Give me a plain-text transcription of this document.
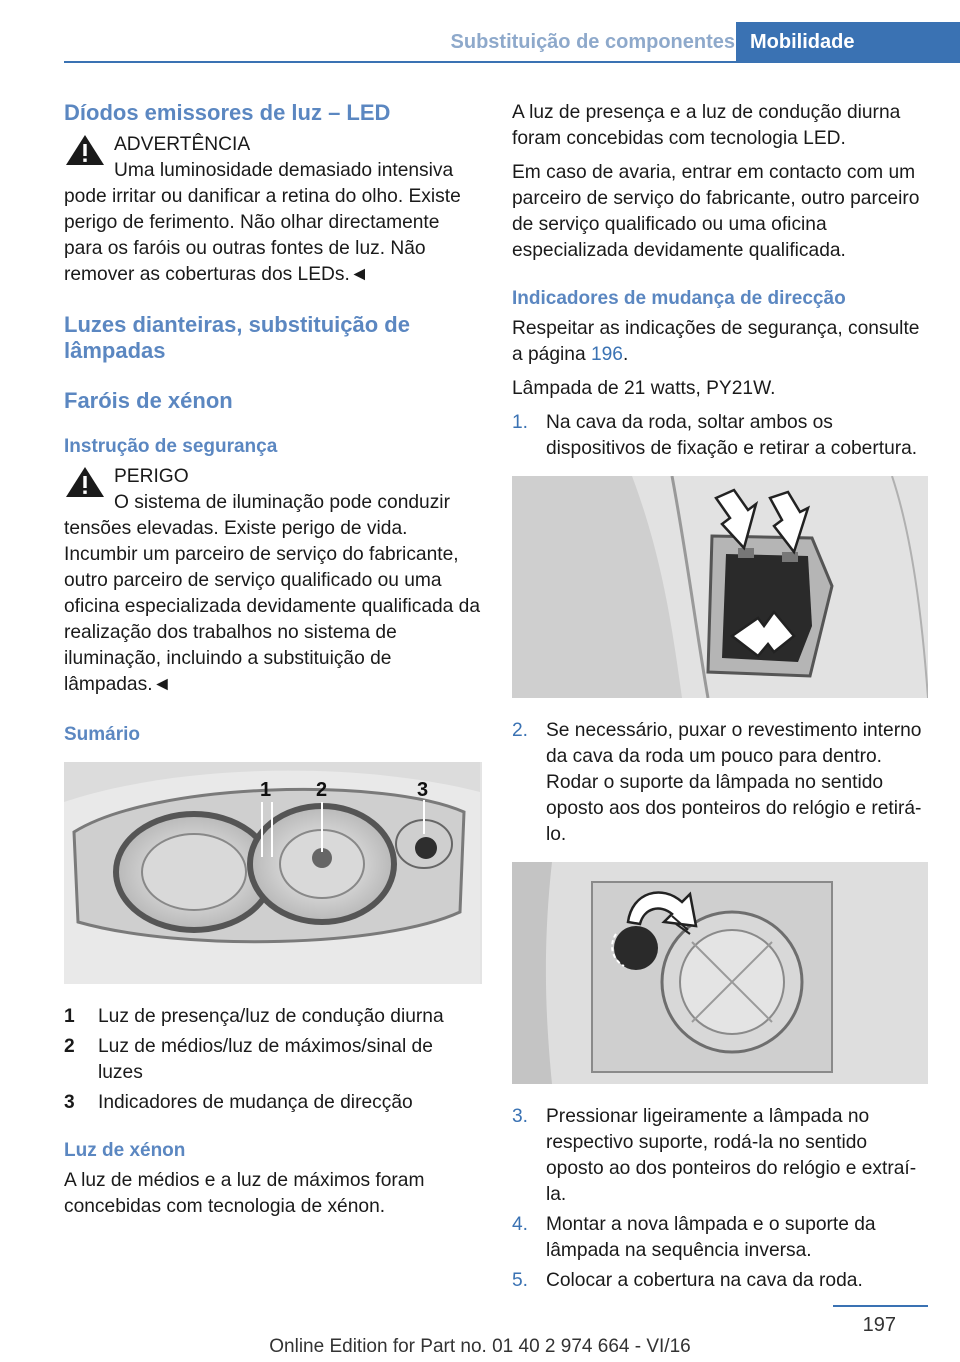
Substituição de componentes Mobilidade
Díodos emissores de luz – LED
ADVERTÊNCIA
Uma luminosidade demasiado intensiva
pode irritar ou danificar a retina do olho. Existe perigo de ferimento. Não olhar directamente para os faróis ou outras fontes de luz. Não remover as coberturas dos LEDs.◄
Luzes dianteiras, substituição de lâmpadas
Faróis de xénon
Instrução de segurança
PERIGO
O sistema de iluminação pode conduzir
tensões elevadas. Existe perigo de vida. Incumbir um parceiro de serviço do fabricante, outro parceiro de serviço qualificado ou uma oficina especializada devidamente qualificada da realização dos trabalhos no sistema de iluminação, incluindo a substituição de lâmpadas.◄
Sumário
1 2	3
1	Luz de presença/luz de condução diurna
2	Luz de médios/luz de máximos/sinal de luzes
3	Indicadores de mudança de direcção
Luz de xénon

A luz de médios e a luz de máximos foram concebidas com tecnologia de xénon.

A luz de presença e a luz de condução diurna foram concebidas com tecnologia LED.

Em caso de avaria, entrar em contacto com um parceiro de serviço do fabricante, outro parceiro de serviço qualificado ou uma oficina especializada devidamente qualificada.

Indicadores de mudança de direcção

Respeitar as indicações de segurança, consulte a página 196.

Lâmpada de 21 watts, PY21W.

1. Na cava da roda, soltar ambos os dispositivos de fixação e retirar a cobertura.
2. Se necessário, puxar o revestimento interno da cava da roda um pouco para dentro. Rodar o suporte da lâmpada no sentido oposto aos dos ponteiros do relógio e retirá-lo.
3. Pressionar ligeiramente a lâmpada no respectivo suporte, rodá-la no sentido oposto ao dos ponteiros do relógio e extraí-la.
4. Montar a nova lâmpada e o suporte da lâmpada na sequência inversa.
5. Colocar a cobertura na cava da roda.
197
Online Edition for Part no. 01 40 2 974 664 - VI/16
